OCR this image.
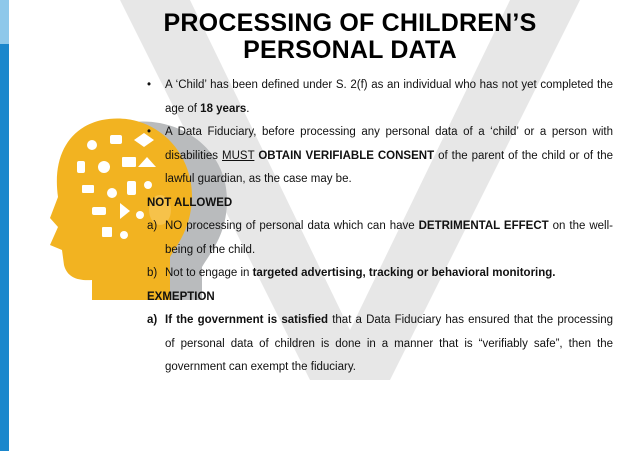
PROCESSING OF CHILDREN’S
PERSONAL DATA
• A ‘Child’ has been defined under S. 2(f) as an individual who has not yet completed the age of 18 years.
• A Data Fiduciary, before processing any personal data of a ‘child’ or a person with disabilities MUST OBTAIN VERIFIABLE CONSENT of the parent of the child or of the lawful guardian, as the case may be.
NOT ALLOWED
a) NO processing of personal data which can have DETRIMENTAL EFFECT on the well-being of the child.
b) Not to engage in targeted advertising, tracking or behavioral monitoring.
EXMEPTION
a) If the government is satisfied that a Data Fiduciary has ensured that the processing of personal data of children is done in a manner that is “verifiably safe”, then the government can exempt the fiduciary.
